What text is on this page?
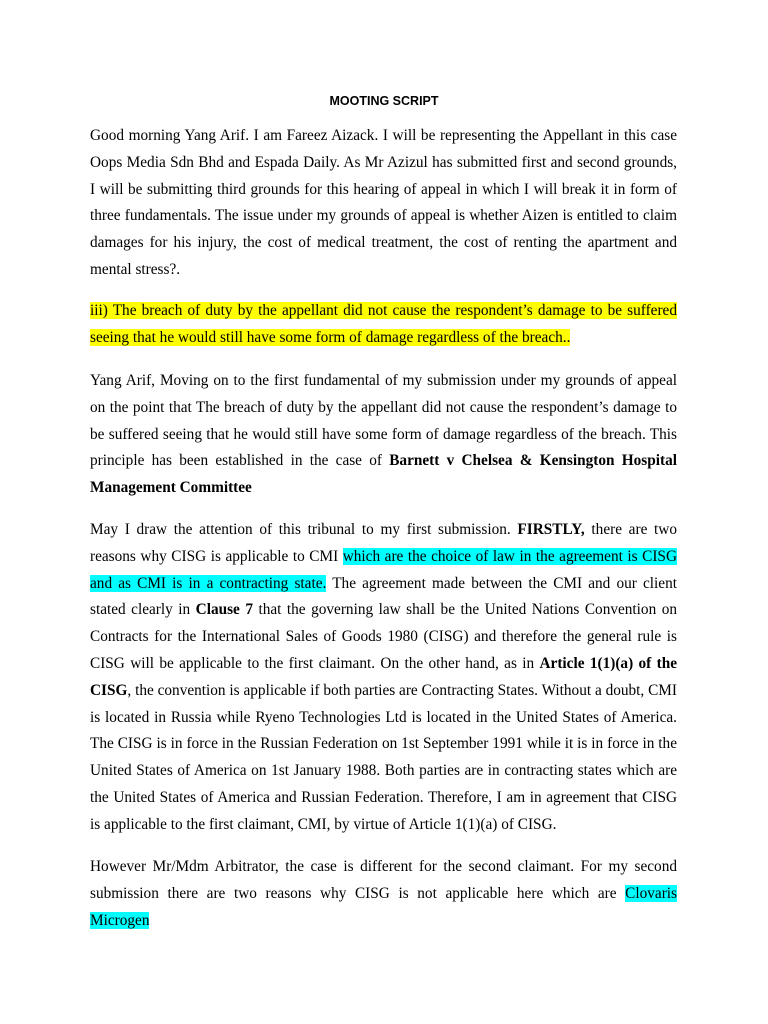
MOOTING SCRIPT

Good morning Yang Arif. I am Fareez Aizack. I will be representing the Appellant in this case Oops Media Sdn Bhd and Espada Daily. As Mr Azizul has submitted first and second grounds, I will be submitting third grounds for this hearing of appeal in which I will break it in form of three fundamentals. The issue under my grounds of appeal is whether Aizen is entitled to claim damages for his injury, the cost of medical treatment, the cost of renting the apartment and mental stress?.

iii) The breach of duty by the appellant did not cause the respondent’s damage to be suffered seeing that he would still have some form of damage regardless of the breach..

Yang Arif, Moving on to the first fundamental of my submission under my grounds of appeal on the point that The breach of duty by the appellant did not cause the respondent’s damage to be suffered seeing that he would still have some form of damage regardless of the breach. This principle has been established in the case of Barnett v Chelsea & Kensington Hospital Management Committee

May I draw the attention of this tribunal to my first submission. FIRSTLY, there are two reasons why CISG is applicable to CMI which are the choice of law in the agreement is CISG and as CMI is in a contracting state. The agreement made between the CMI and our client stated clearly in Clause 7 that the governing law shall be the United Nations Convention on Contracts for the International Sales of Goods 1980 (CISG) and therefore the general rule is CISG will be applicable to the first claimant. On the other hand, as in Article 1(1)(a) of the CISG, the convention is applicable if both parties are Contracting States. Without a doubt, CMI is located in Russia while Ryeno Technologies Ltd is located in the United States of America. The CISG is in force in the Russian Federation on 1st September 1991 while it is in force in the United States of America on 1st January 1988. Both parties are in contracting states which are the United States of America and Russian Federation. Therefore, I am in agreement that CISG is applicable to the first claimant, CMI, by virtue of Article 1(1)(a) of CISG.

However Mr/Mdm Arbitrator, the case is different for the second claimant. For my second submission there are two reasons why CISG is not applicable here which are Clovaris Microgen
